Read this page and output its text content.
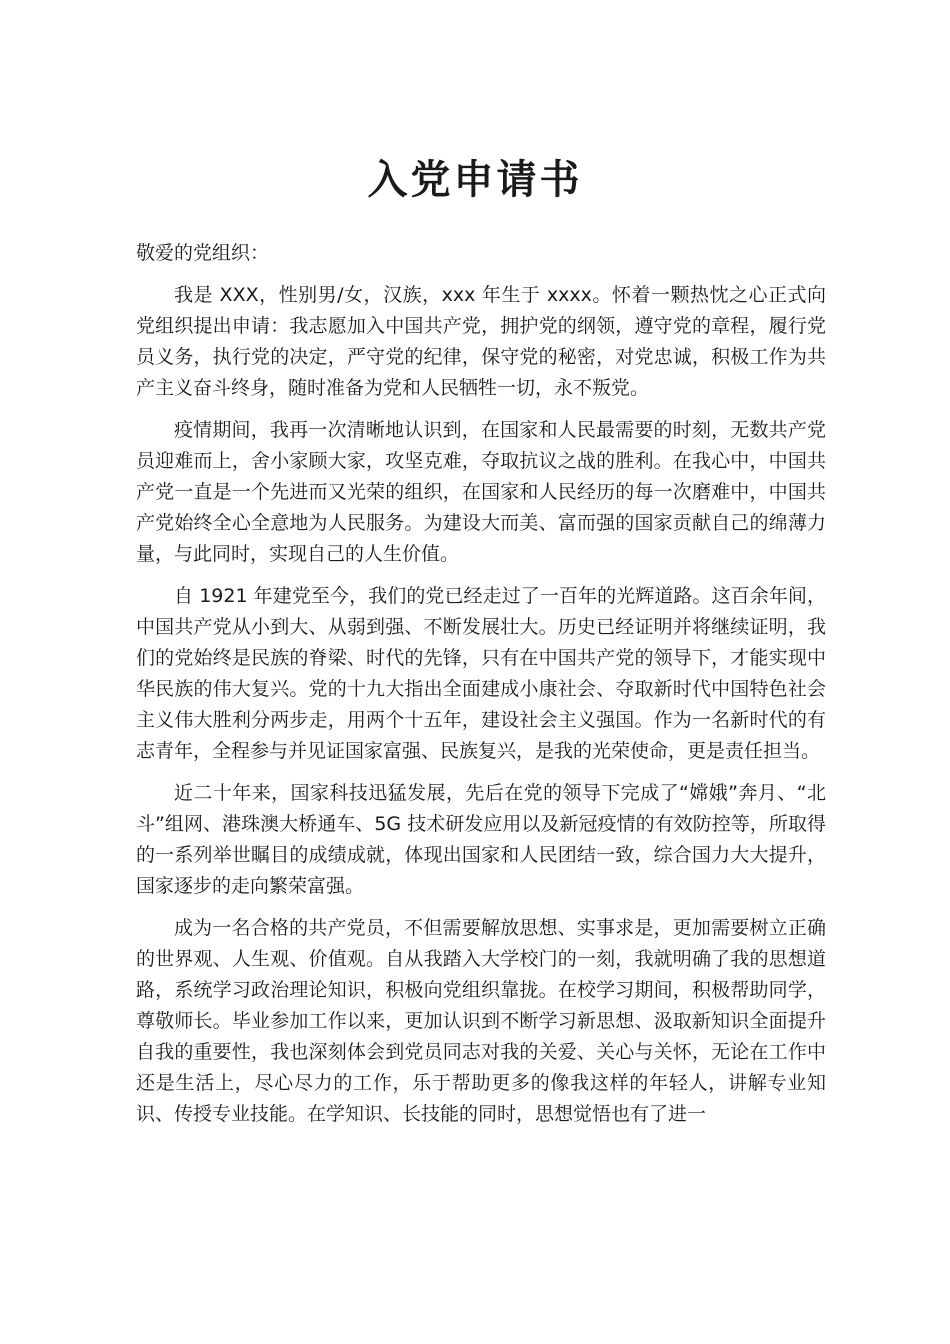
入党申请书

敬爱的党组织：

我是 XXX，性别男/女，汉族，xxx 年生于 xxxx。怀着一颗热忱之心正式向党组织提出申请：我志愿加入中国共产党，拥护党的纲领，遵守党的章程，履行党员义务，执行党的决定，严守党的纪律，保守党的秘密，对党忠诚，积极工作为共产主义奋斗终身，随时准备为党和人民牺牲一切，永不叛党。

疫情期间，我再一次清晰地认识到，在国家和人民最需要的时刻，无数共产党员迎难而上，舍小家顾大家，攻坚克难，夺取抗议之战的胜利。在我心中，中国共产党一直是一个先进而又光荣的组织，在国家和人民经历的每一次磨难中，中国共产党始终全心全意地为人民服务。为建设大而美、富而强的国家贡献自己的绵薄力量，与此同时，实现自己的人生价值。

自 1921 年建党至今，我们的党已经走过了一百年的光辉道路。这百余年间，中国共产党从小到大、从弱到强、不断发展壮大。历史已经证明并将继续证明，我们的党始终是民族的脊梁、时代的先锋，只有在中国共产党的领导下，才能实现中华民族的伟大复兴。党的十九大指出全面建成小康社会、夺取新时代中国特色社会主义伟大胜利分两步走，用两个十五年，建设社会主义强国。作为一名新时代的有志青年，全程参与并见证国家富强、民族复兴，是我的光荣使命，更是责任担当。

近二十年来，国家科技迅猛发展，先后在党的领导下完成了“嫦娥”奔月、“北斗”组网、港珠澳大桥通车、5G 技术研发应用以及新冠疫情的有效防控等，所取得的一系列举世瞩目的成绩成就，体现出国家和人民团结一致，综合国力大大提升，国家逐步的走向繁荣富强。

成为一名合格的共产党员，不但需要解放思想、实事求是，更加需要树立正确的世界观、人生观、价值观。自从我踏入大学校门的一刻，我就明确了我的思想道路，系统学习政治理论知识，积极向党组织靠拢。在校学习期间，积极帮助同学，尊敬师长。毕业参加工作以来，更加认识到不断学习新思想、汲取新知识全面提升自我的重要性，我也深刻体会到党员同志对我的关爱、关心与关怀，无论在工作中还是生活上，尽心尽力的工作，乐于帮助更多的像我这样的年轻人，讲解专业知识、传授专业技能。在学知识、长技能的同时，思想觉悟也有了进一
